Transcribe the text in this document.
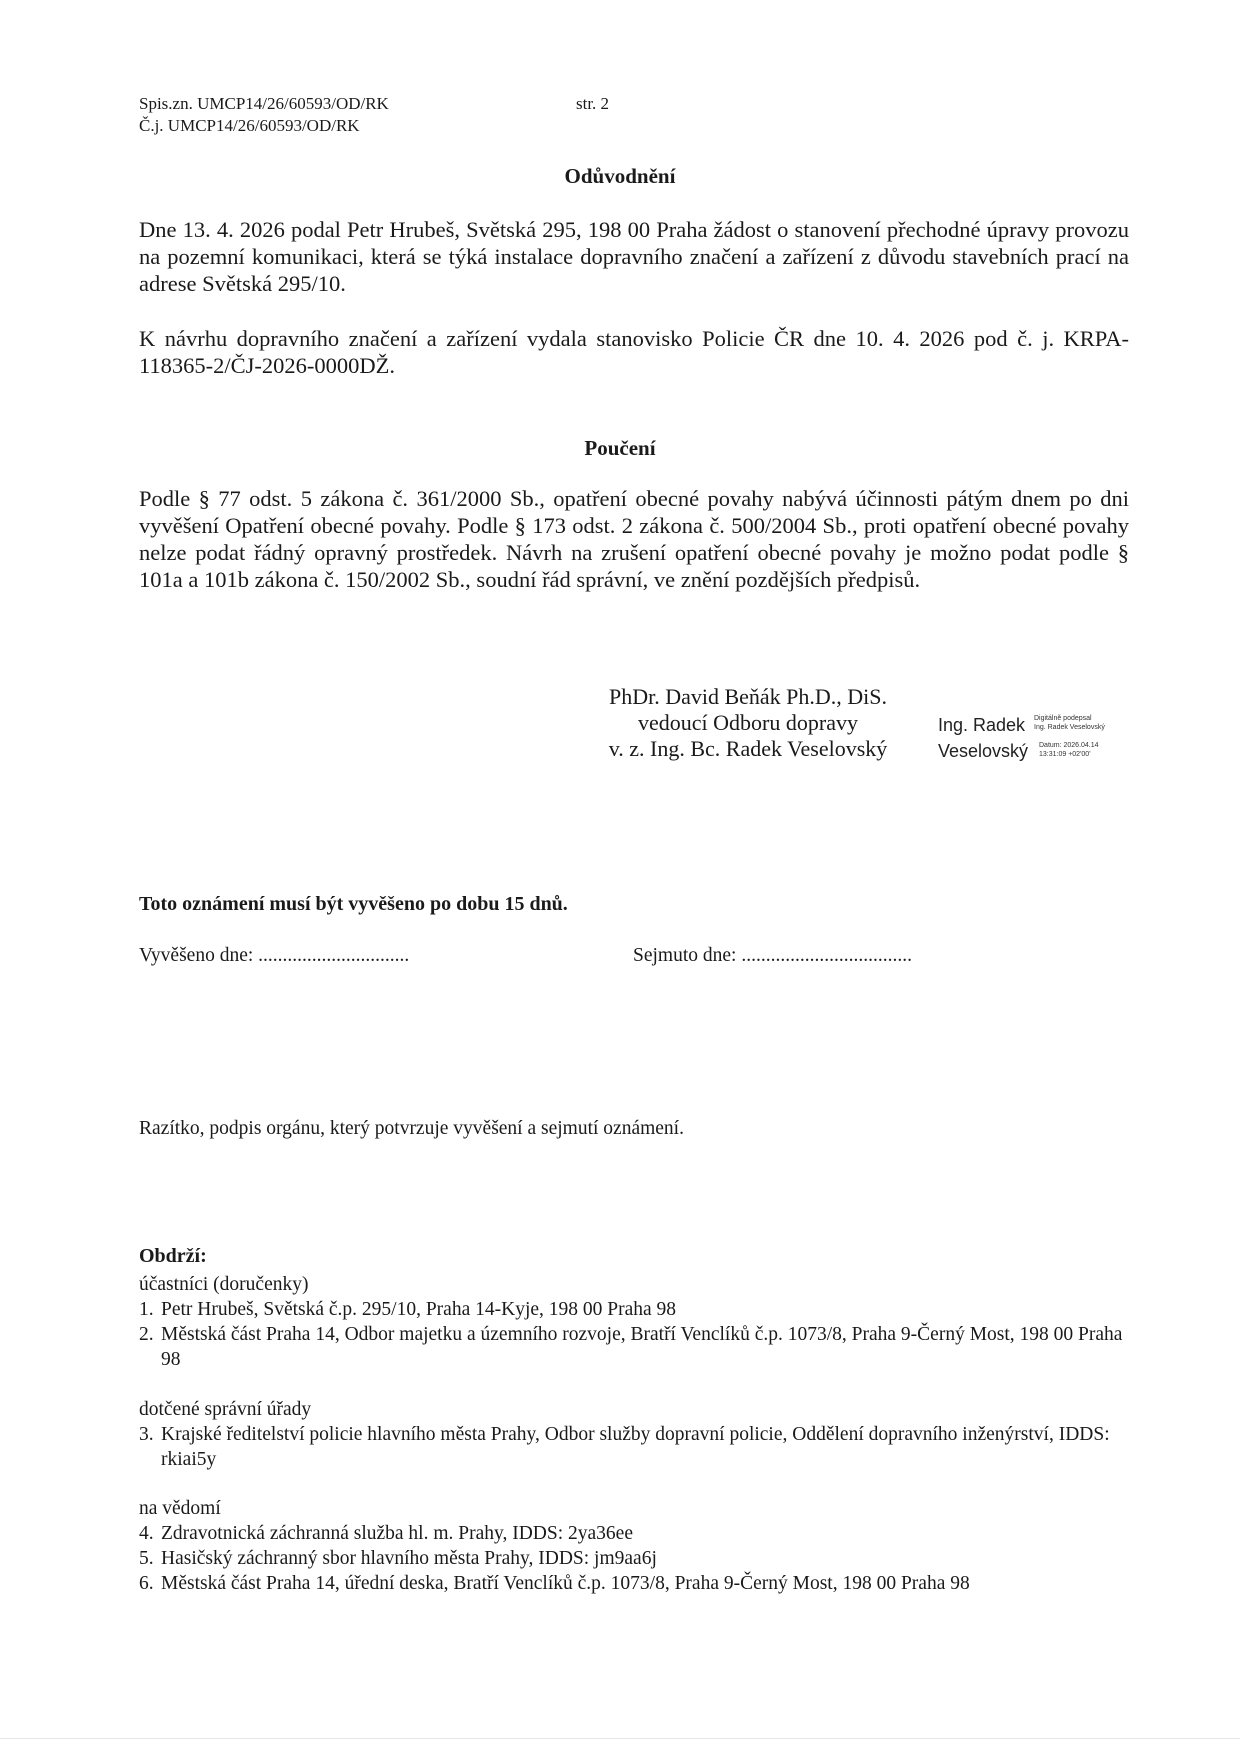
Spis.zn. UMCP14/26/60593/OD/RK
Č.j. UMCP14/26/60593/OD/RK
str. 2
Odůvodnění
Dne 13. 4. 2026 podal Petr Hrubeš, Světská 295, 198 00 Praha žádost o stanovení přechodné úpravy provozu na pozemní komunikaci, která se týká instalace dopravního značení a zařízení z důvodu stavebních prací na adrese Světská 295/10.
K návrhu dopravního značení a zařízení vydala stanovisko Policie ČR dne 10. 4. 2026 pod č. j. KRPA-118365-2/ČJ-2026-0000DŽ.
Poučení
Podle § 77 odst. 5 zákona č. 361/2000 Sb., opatření obecné povahy nabývá účinnosti pátým dnem po dni vyvěšení Opatření obecné povahy. Podle § 173 odst. 2 zákona č. 500/2004 Sb., proti opatření obecné povahy nelze podat řádný opravný prostředek. Návrh na zrušení opatření obecné povahy je možno podat podle § 101a a 101b zákona č. 150/2002 Sb., soudní řád správní, ve znění pozdějších předpisů.
PhDr. David Beňák Ph.D., DiS.
vedoucí Odboru dopravy
v. z. Ing. Bc. Radek Veselovský
Ing. Radek
Veselovský
Digitálně podepsal
Ing. Radek Veselovský
Datum: 2026.04.14
13:31:09 +02'00'
Toto oznámení musí být vyvěšeno po dobu 15 dnů.
Vyvěšeno dne: ...............................	Sejmuto dne: ...................................
Razítko, podpis orgánu, který potvrzuje vyvěšení a sejmutí oznámení.
Obdrží:
účastníci (doručenky)
1. Petr Hrubeš, Světská č.p. 295/10, Praha 14-Kyje, 198 00 Praha 98
2. Městská část Praha 14, Odbor majetku a územního rozvoje, Bratří Venclíků č.p. 1073/8, Praha 9-Černý Most, 198 00 Praha 98
dotčené správní úřady
3. Krajské ředitelství policie hlavního města Prahy, Odbor služby dopravní policie, Oddělení dopravního inženýrství, IDDS: rkiai5y
na vědomí
4. Zdravotnická záchranná služba hl. m. Prahy, IDDS: 2ya36ee
5. Hasičský záchranný sbor hlavního města Prahy, IDDS: jm9aa6j
6. Městská část Praha 14, úřední deska, Bratří Venclíků č.p. 1073/8, Praha 9-Černý Most, 198 00 Praha 98
